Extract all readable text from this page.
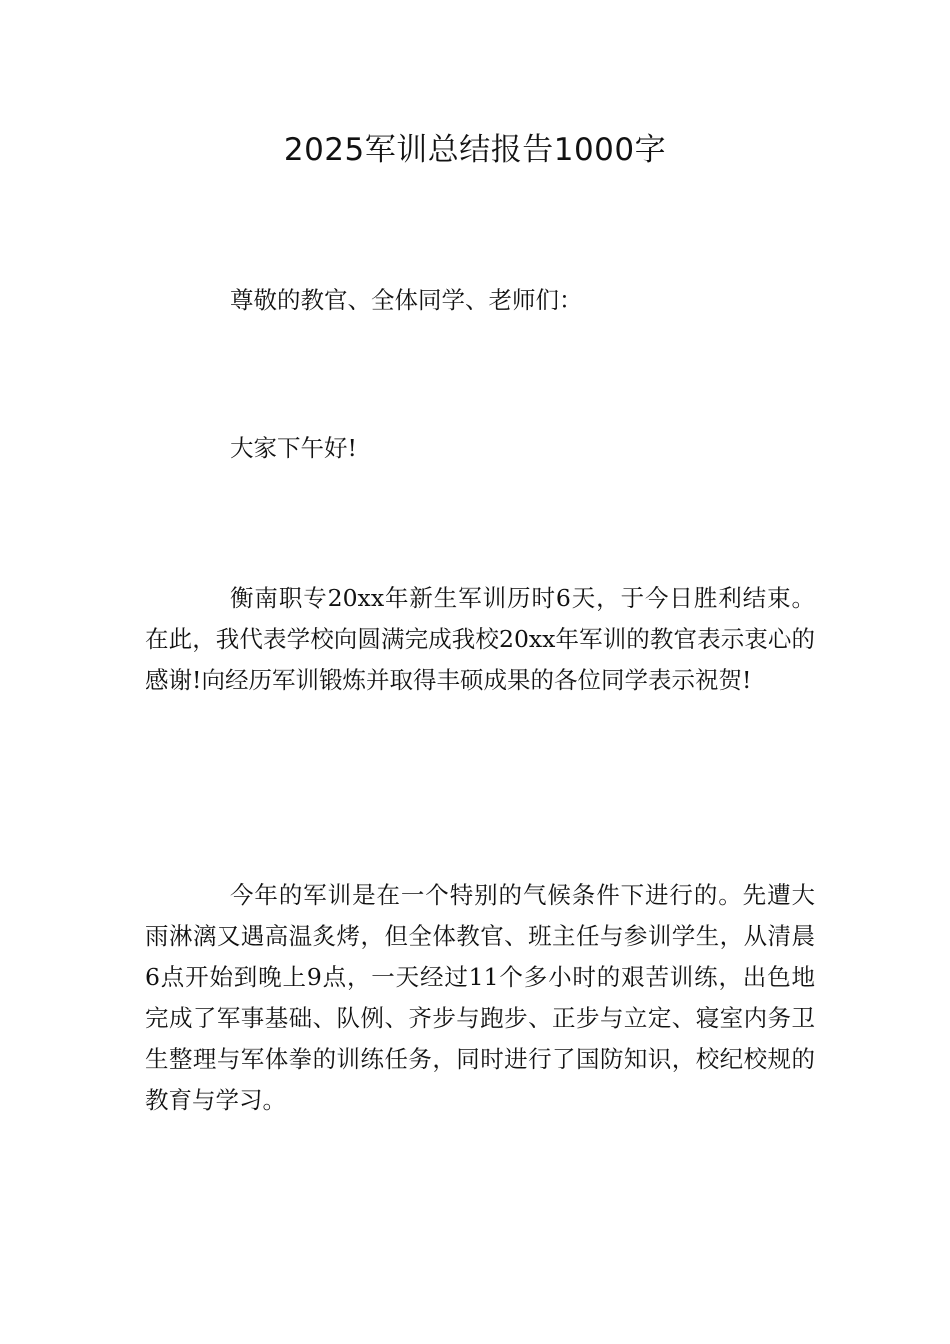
2025军训总结报告1000字

尊敬的教官、全体同学、老师们：

大家下午好!

衡南职专20xx年新生军训历时6天，于今日胜利结束。在此，我代表学校向圆满完成我校20xx年军训的教官表示衷心的感谢!向经历军训锻炼并取得丰硕成果的各位同学表示祝贺!

今年的军训是在一个特别的气候条件下进行的。先遭大雨淋漓又遇高温炙烤，但全体教官、班主任与参训学生，从清晨6点开始到晚上9点，一天经过11个多小时的艰苦训练，出色地完成了军事基础、队例、齐步与跑步、正步与立定、寝室内务卫生整理与军体拳的训练任务，同时进行了国防知识，校纪校规的教育与学习。
